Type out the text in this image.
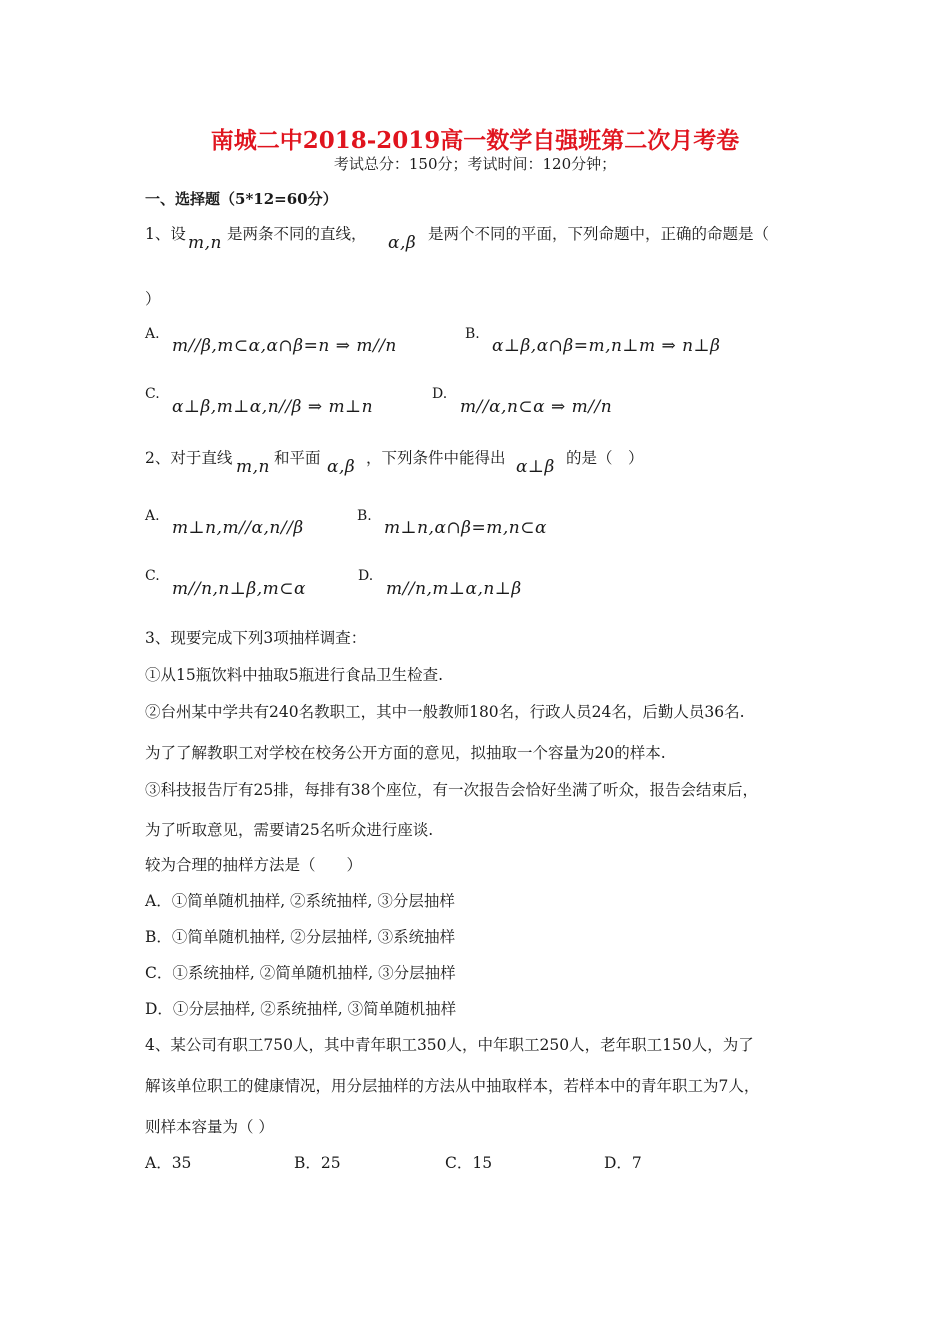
南城二中2018-2019高一数学自强班第二次月考卷
考试总分：150分；考试时间：120分钟；
一、选择题（5*12=60分）
1、设 m,n 是两条不同的直线， α,β 是两个不同的平面，下列命题中，正确的命题是（
）
A.
m//β,m⊂α,α∩β=n ⇒ m//n
B.
α⊥β,α∩β=m,n⊥m ⇒ n⊥β
C.
α⊥β,m⊥α,n//β ⇒ m⊥n
D.
m//α,n⊂α ⇒ m//n
2、对于直线 m,n 和平面 α,β ，下列条件中能得出 α⊥β 的是（　）
A.
m⊥n,m//α,n//β
B.
m⊥n,α∩β=m,n⊂α
C.
m//n,n⊥β,m⊂α
D.
m//n,m⊥α,n⊥β
3、现要完成下列3项抽样调查：
①从15瓶饮料中抽取5瓶进行食品卫生检查.
②台州某中学共有240名教职工，其中一般教师180名，行政人员24名，后勤人员36名.
为了了解教职工对学校在校务公开方面的意见，拟抽取一个容量为20的样本.
③科技报告厅有25排，每排有38个座位，有一次报告会恰好坐满了听众，报告会结束后，
为了听取意见，需要请25名听众进行座谈.
较为合理的抽样方法是（　　）
A．①简单随机抽样, ②系统抽样, ③分层抽样
B．①简单随机抽样, ②分层抽样, ③系统抽样
C．①系统抽样, ②简单随机抽样, ③分层抽样
D．①分层抽样, ②系统抽样, ③简单随机抽样
4、某公司有职工750人，其中青年职工350人，中年职工250人，老年职工150人，为了
解该单位职工的健康情况，用分层抽样的方法从中抽取样本，若样本中的青年职工为7人，
则样本容量为（ ）
A．35	B．25	C．15	D．7
